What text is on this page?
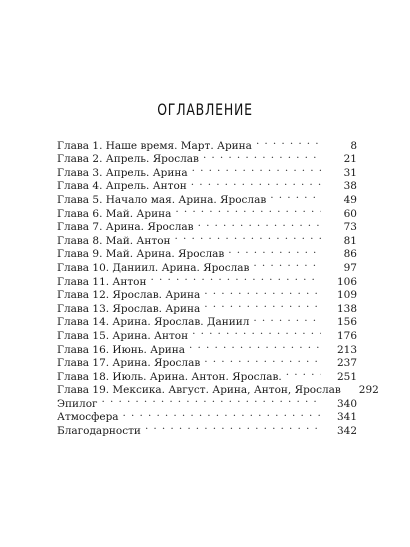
ОГЛАВЛЕНИЕ
Глава 1. Наше время. Март. Арина . . .	8
Глава 2. Апрель. Ярослав . . .	21
Глава 3. Апрель. Арина . . .	31
Глава 4. Апрель. Антон . . .	38
Глава 5. Начало мая. Арина. Ярослав . . .	49
Глава 6. Май. Арина . . .	60
Глава 7. Арина. Ярослав . . .	73
Глава 8. Май. Антон . . .	81
Глава 9. Май. Арина. Ярослав . . .	86
Глава 10. Даниил. Арина. Ярослав . . .	97
Глава 11. Антон . . .	106
Глава 12. Ярослав. Арина . . .	109
Глава 13. Ярослав. Арина . . .	138
Глава 14. Арина. Ярослав. Даниил . . .	156
Глава 15. Арина. Антон . . .	176
Глава 16. Июнь. Арина . . .	213
Глава 17. Арина. Ярослав . . .	237
Глава 18. Июль. Арина. Антон. Ярослав. . . .	251
Глава 19. Мексика. Август. Арина, Антон, Ярослав	292
Эпилог . . .	340
Атмосфера . . .	341
Благодарности . . .	342
